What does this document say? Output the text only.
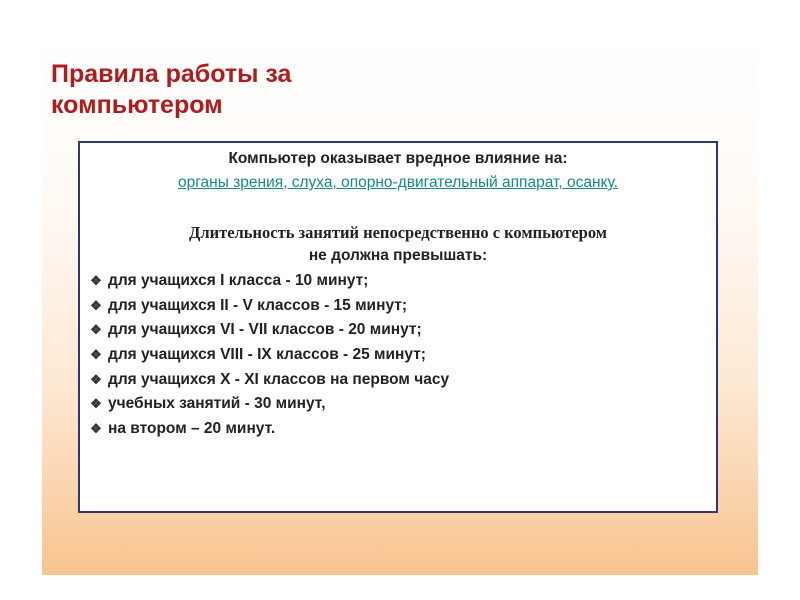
Правила работы за
компьютером
Компьютер оказывает вредное влияние на:
органы зрения, слуха, опорно-двигательный аппарат, осанку.
Длительность занятий непосредственно с компьютером
не должна превышать:
❖ для учащихся I класса - 10 минут;
❖ для учащихся II - V классов - 15 минут;
❖ для учащихся VI - VII классов - 20 минут;
❖ для учащихся VIII - IX классов - 25 минут;
❖ для учащихся X - XI классов на первом часу
❖ учебных занятий - 30 минут,
❖ на втором – 20 минут.
